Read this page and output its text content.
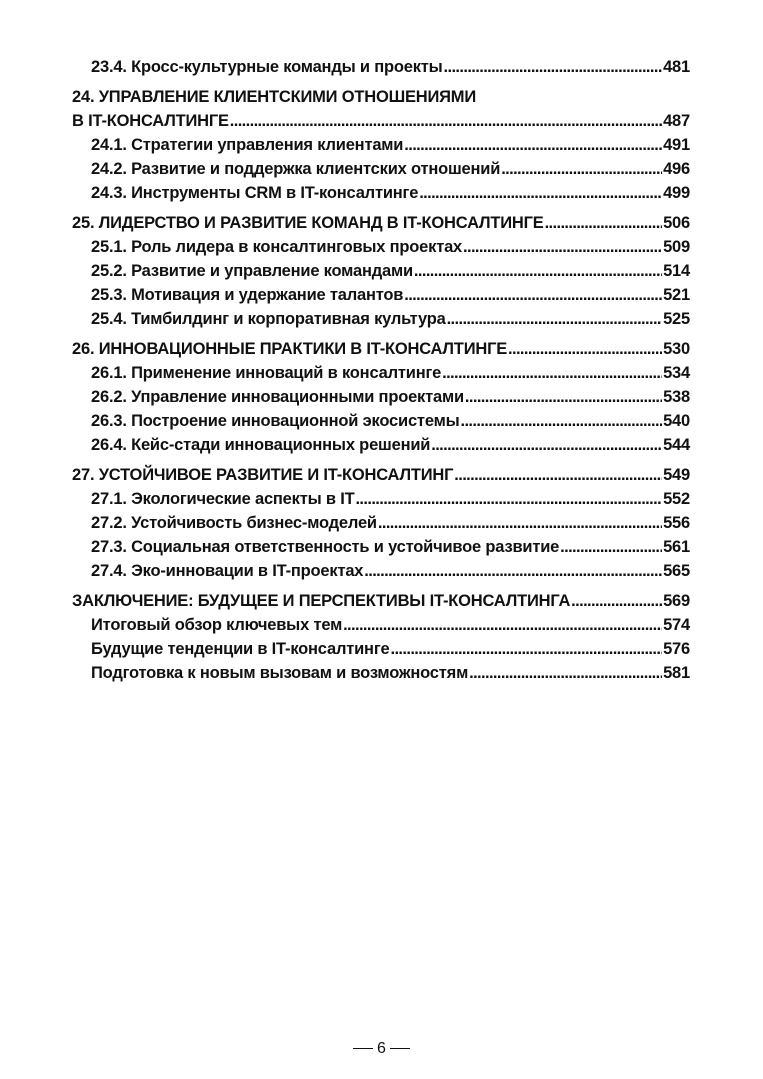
23.4. Кросс-культурные команды и проекты . . .	481
24. УПРАВЛЕНИЕ КЛИЕНТСКИМИ ОТНОШЕНИЯМИ
В IT-КОНСАЛТИНГЕ . . .	487
24.1. Стратегии управления клиентами . . .	491
24.2. Развитие и поддержка клиентских отношений . . .	496
24.3. Инструменты CRM в IT-консалтинге . . .	499
25. ЛИДЕРСТВО И РАЗВИТИЕ КОМАНД В IT-КОНСАЛТИНГЕ . . .	506
25.1. Роль лидера в консалтинговых проектах . . .	509
25.2. Развитие и управление командами . . .	514
25.3. Мотивация и удержание талантов . . .	521
25.4. Тимбилдинг и корпоративная культура . . .	525
26. ИННОВАЦИОННЫЕ ПРАКТИКИ В IT-КОНСАЛТИНГЕ . . .	530
26.1. Применение инноваций в консалтинге . . .	534
26.2. Управление инновационными проектами . . .	538
26.3. Построение инновационной экосистемы . . .	540
26.4. Кейс-стади инновационных решений . . .	544
27. УСТОЙЧИВОЕ РАЗВИТИЕ И IT-КОНСАЛТИНГ . . .	549
27.1. Экологические аспекты в IT . . .	552
27.2. Устойчивость бизнес-моделей . . .	556
27.3. Социальная ответственность и устойчивое развитие . . .	561
27.4. Эко-инновации в IT-проектах . . .	565
ЗАКЛЮЧЕНИЕ: БУДУЩЕЕ И ПЕРСПЕКТИВЫ IT-КОНСАЛТИНГА . . .	569
Итоговый обзор ключевых тем . . .	574
Будущие тенденции в IT-консалтинге . . .	576
Подготовка к новым вызовам и возможностям . . .	581
6
